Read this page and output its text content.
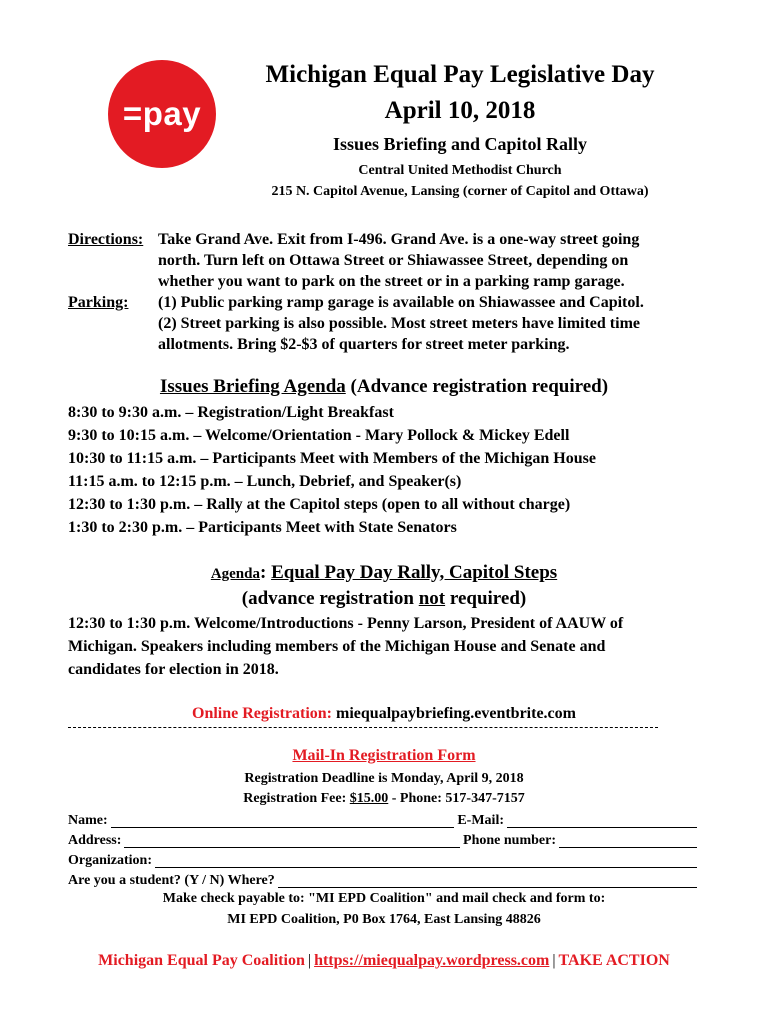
=pay
Michigan Equal Pay Legislative Day
April 10, 2018
Issues Briefing and Capitol Rally
Central United Methodist Church
215 N. Capitol Avenue, Lansing (corner of Capitol and Ottawa)
Directions: Take Grand Ave. Exit from I-496. Grand Ave. is a one-way street going
north. Turn left on Ottawa Street or Shiawassee Street, depending on
whether you want to park on the street or in a parking ramp garage.
Parking:	(1) Public parking ramp garage is available on Shiawassee and Capitol.
(2) Street parking is also possible. Most street meters have limited time
allotments. Bring $2-$3 of quarters for street meter parking.
Issues Briefing Agenda (Advance registration required)
8:30 to 9:30 a.m. – Registration/Light Breakfast
9:30 to 10:15 a.m. – Welcome/Orientation - Mary Pollock & Mickey Edell
10:30 to 11:15 a.m. – Participants Meet with Members of the Michigan House
11:15 a.m. to 12:15 p.m. – Lunch, Debrief, and Speaker(s)
12:30 to 1:30 p.m. – Rally at the Capitol steps (open to all without charge)
1:30 to 2:30 p.m. – Participants Meet with State Senators
Agenda: Equal Pay Day Rally, Capitol Steps
(advance registration not required)
12:30 to 1:30 p.m. Welcome/Introductions - Penny Larson, President of AAUW of
Michigan. Speakers including members of the Michigan House and Senate and
candidates for election in 2018.
Online Registration: miequalpaybriefing.eventbrite.com
Mail-In Registration Form
Registration Deadline is Monday, April 9, 2018
Registration Fee: $15.00 - Phone: 517-347-7157
Name:	E-Mail:
Address:	Phone number:
Organization:
Are you a student? (Y / N) Where?
Make check payable to: "MI EPD Coalition" and mail check and form to:
MI EPD Coalition, P0 Box 1764, East Lansing 48826
Michigan Equal Pay Coalition | https://miequalpay.wordpress.com | TAKE ACTION
